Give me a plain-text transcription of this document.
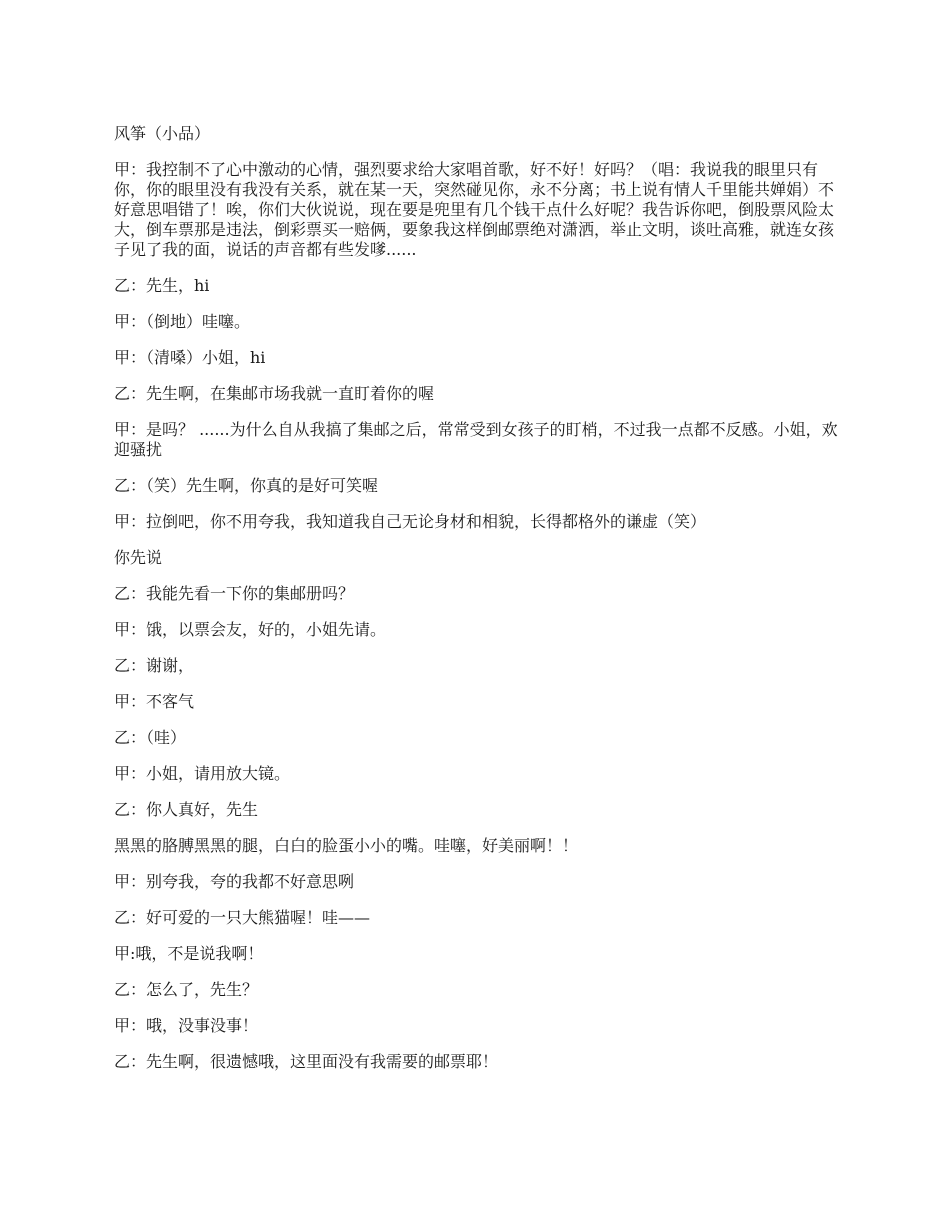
风筝（小品）

甲：我控制不了心中激动的心情，强烈要求给大家唱首歌，好不好！好吗？（唱：我说我的眼里只有你，你的眼里没有我没有关系，就在某一天，突然碰见你，永不分离；书上说有情人千里能共婵娟）不好意思唱错了！唉，你们大伙说说，现在要是兜里有几个钱干点什么好呢？我告诉你吧，倒股票风险太大，倒车票那是违法，倒彩票买一赔俩，要象我这样倒邮票绝对潇洒，举止文明，谈吐高雅，就连女孩子见了我的面，说话的声音都有些发嗲......

乙：先生，hi

甲：（倒地）哇噻。

甲：（清嗓）小姐，hi

乙：先生啊，在集邮市场我就一直盯着你的喔

甲：是吗？ ......为什么自从我搞了集邮之后，常常受到女孩子的盯梢，不过我一点都不反感。小姐，欢迎骚扰

乙：（笑）先生啊，你真的是好可笑喔

甲：拉倒吧，你不用夸我，我知道我自己无论身材和相貌，长得都格外的谦虚（笑）

你先说

乙：我能先看一下你的集邮册吗？

甲：饿，以票会友，好的，小姐先请。

乙：谢谢，

甲：不客气

乙：（哇）

甲：小姐，请用放大镜。

乙：你人真好，先生

黑黑的胳膊黑黑的腿，白白的脸蛋小小的嘴。哇噻，好美丽啊！！

甲：别夸我，夸的我都不好意思咧

乙：好可爱的一只大熊猫喔！哇——

甲:哦，不是说我啊！

乙：怎么了，先生？

甲：哦，没事没事！

乙：先生啊，很遗憾哦，这里面没有我需要的邮票耶！
